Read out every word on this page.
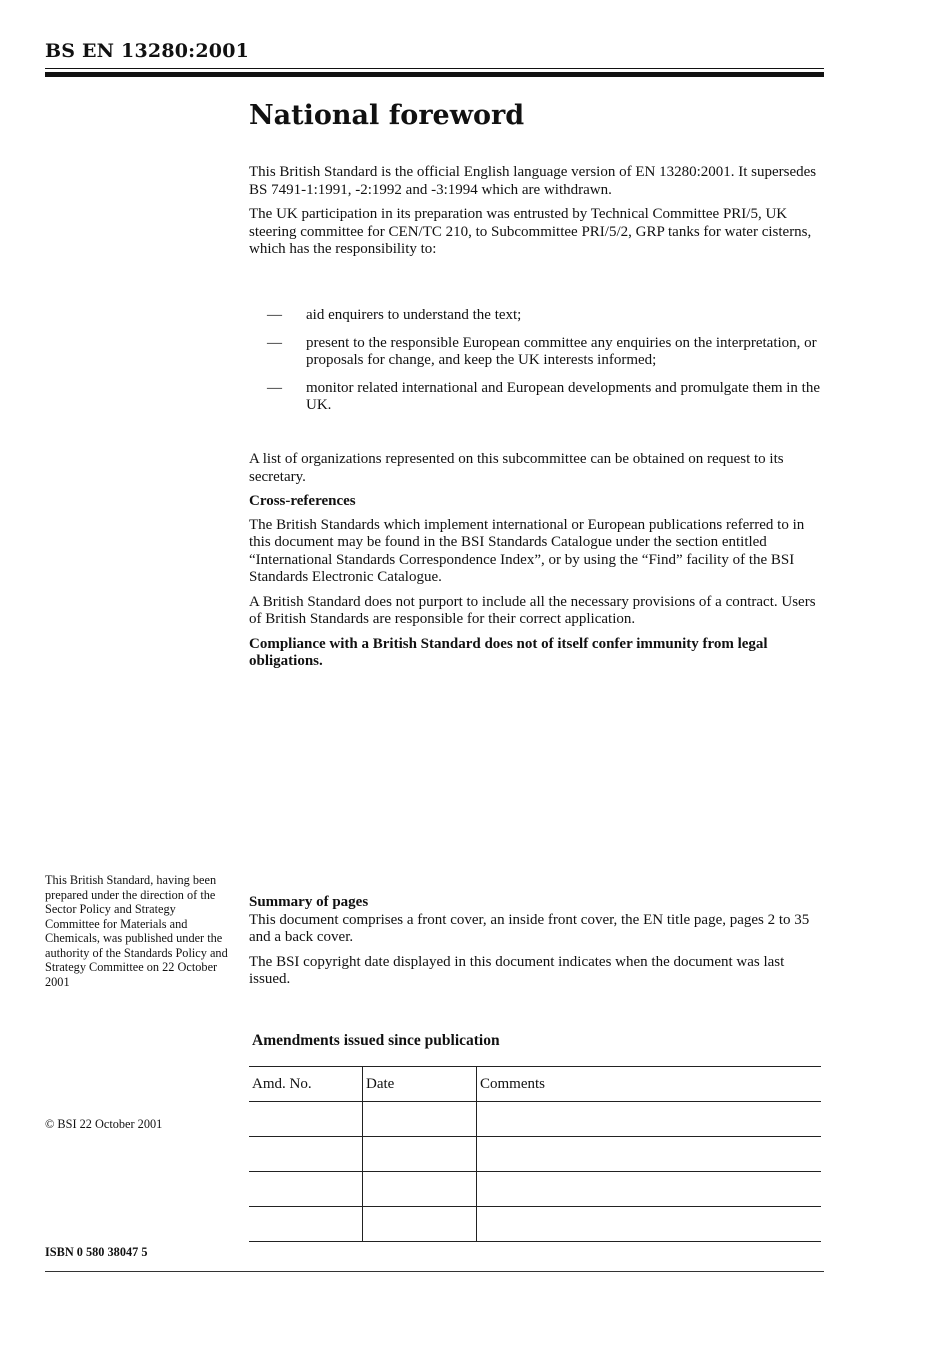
BS EN 13280:2001
National foreword

This British Standard is the official English language version of EN 13280:2001. It supersedes BS 7491-1:1991, -2:1992 and -3:1994 which are withdrawn.

The UK participation in its preparation was entrusted by Technical Committee PRI/5, UK steering committee for CEN/TC 210, to Subcommittee PRI/5/2, GRP tanks for water cisterns, which has the responsibility to:

— aid enquirers to understand the text;
— present to the responsible European committee any enquiries on the interpretation, or proposals for change, and keep the UK interests informed;
— monitor related international and European developments and promulgate them in the UK.

A list of organizations represented on this subcommittee can be obtained on request to its secretary.

Cross-references

The British Standards which implement international or European publications referred to in this document may be found in the BSI Standards Catalogue under the section entitled “International Standards Correspondence Index”, or by using the “Find” facility of the BSI Standards Electronic Catalogue.

A British Standard does not purport to include all the necessary provisions of a contract. Users of British Standards are responsible for their correct application.

Compliance with a British Standard does not of itself confer immunity from legal obligations.

This British Standard, having been prepared under the direction of the Sector Policy and Strategy Committee for Materials and Chemicals, was published under the authority of the Standards Policy and Strategy Committee on 22 October 2001

Summary of pages

This document comprises a front cover, an inside front cover, the EN title page, pages 2 to 35 and a back cover.

The BSI copyright date displayed in this document indicates when the document was last issued.

Amendments issued since publication
Amd. No.	Date	Comments

© BSI 22 October 2001
ISBN 0 580 38047 5
